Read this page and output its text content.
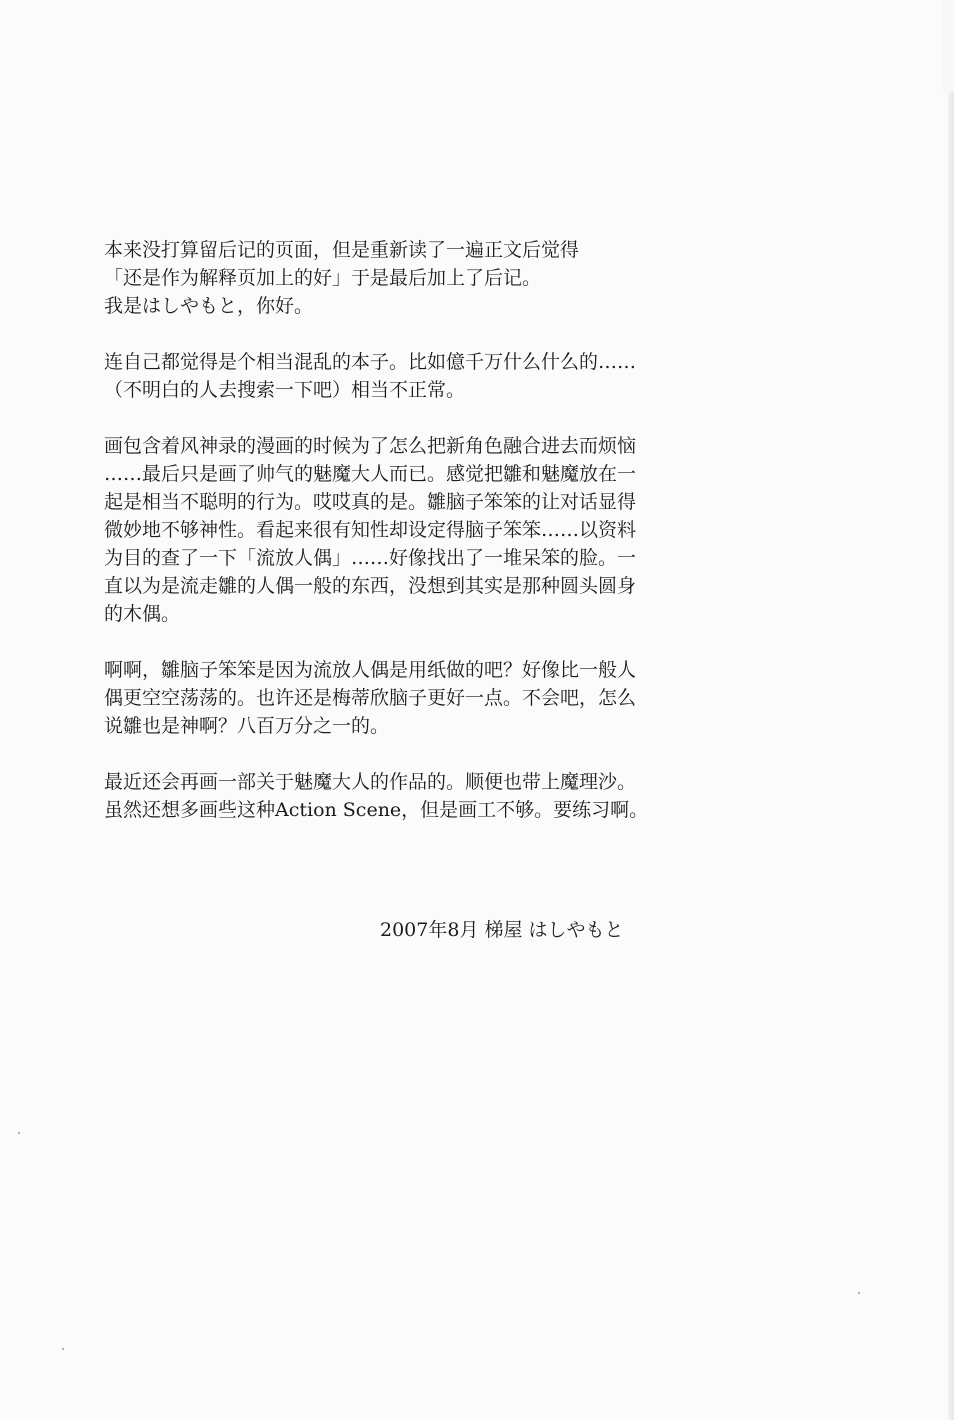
本来没打算留后记的页面，但是重新读了一遍正文后觉得
「还是作为解释页加上的好」于是最后加上了后记。
我是はしやもと，你好。
连自己都觉得是个相当混乱的本子。比如億千万什么什么的……
（不明白的人去搜索一下吧）相当不正常。
画包含着风神录的漫画的时候为了怎么把新角色融合进去而烦恼
……最后只是画了帅气的魅魔大人而已。感觉把雛和魅魔放在一
起是相当不聪明的行为。哎哎真的是。雛脑子笨笨的让对话显得
微妙地不够神性。看起来很有知性却设定得脑子笨笨……以资料
为目的查了一下「流放人偶」……好像找出了一堆呆笨的脸。一
直以为是流走雛的人偶一般的东西，没想到其实是那种圆头圆身
的木偶。
啊啊，雛脑子笨笨是因为流放人偶是用纸做的吧？好像比一般人
偶更空空荡荡的。也许还是梅蒂欣脑子更好一点。不会吧，怎么
说雛也是神啊？八百万分之一的。
最近还会再画一部关于魅魔大人的作品的。顺便也带上魔理沙。
虽然还想多画些这种Action Scene，但是画工不够。要练习啊。
2007年8月 梯屋 はしやもと
